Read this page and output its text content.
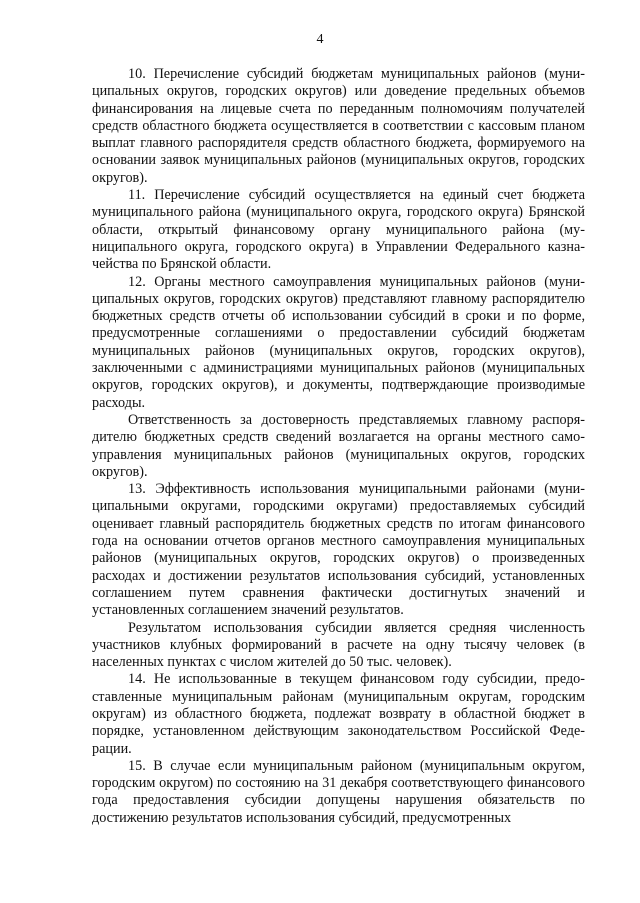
4

10. Перечисление субсидий бюджетам муниципальных районов (муниципальных округов, городских округов) или доведение предельных объемов финансирования на лицевые счета по переданным полномочиям получателей средств областного бюджета осуществляется в соответствии с кассовым планом выплат главного распорядителя средств областного бюджета, формируемого на основании заявок муниципальных районов (муниципальных округов, городских округов).

11. Перечисление субсидий осуществляется на единый счет бюджета муниципального района (муниципального округа, городского округа) Брянской области, открытый финансовому органу муниципального района (муниципального округа, городского округа) в Управлении Федерального казначейства по Брянской области.

12. Органы местного самоуправления муниципальных районов (муниципальных округов, городских округов) представляют главному распорядителю бюджетных средств отчеты об использовании субсидий в сроки и по форме, предусмотренные соглашениями о предоставлении субсидий бюджетам муниципальных районов (муниципальных округов, городских округов), заключенными с администрациями муниципальных районов (муниципальных округов, городских округов), и документы, подтверждающие производимые расходы.

Ответственность за достоверность представляемых главному распорядителю бюджетных средств сведений возлагается на органы местного самоуправления муниципальных районов (муниципальных округов, городских округов).

13. Эффективность использования муниципальными районами (муниципальными округами, городскими округами) предоставляемых субсидий оценивает главный распорядитель бюджетных средств по итогам финансового года на основании отчетов органов местного самоуправления муниципальных районов (муниципальных округов, городских округов) о произведенных расходах и достижении результатов использования субсидий, установленных соглашением путем сравнения фактически достигнутых значений и установленных соглашением значений результатов.

Результатом использования субсидии является средняя численность участников клубных формирований в расчете на одну тысячу человек (в населенных пунктах с числом жителей до 50 тыс. человек).

14. Не использованные в текущем финансовом году субсидии, предоставленные муниципальным районам (муниципальным округам, городским округам) из областного бюджета, подлежат возврату в областной бюджет в порядке, установленном действующим законодательством Российской Федерации.

15. В случае если муниципальным районом (муниципальным округом, городским округом) по состоянию на 31 декабря соответствующего финансового года предоставления субсидии допущены нарушения обязательств по достижению результатов использования субсидий, предусмотренных
